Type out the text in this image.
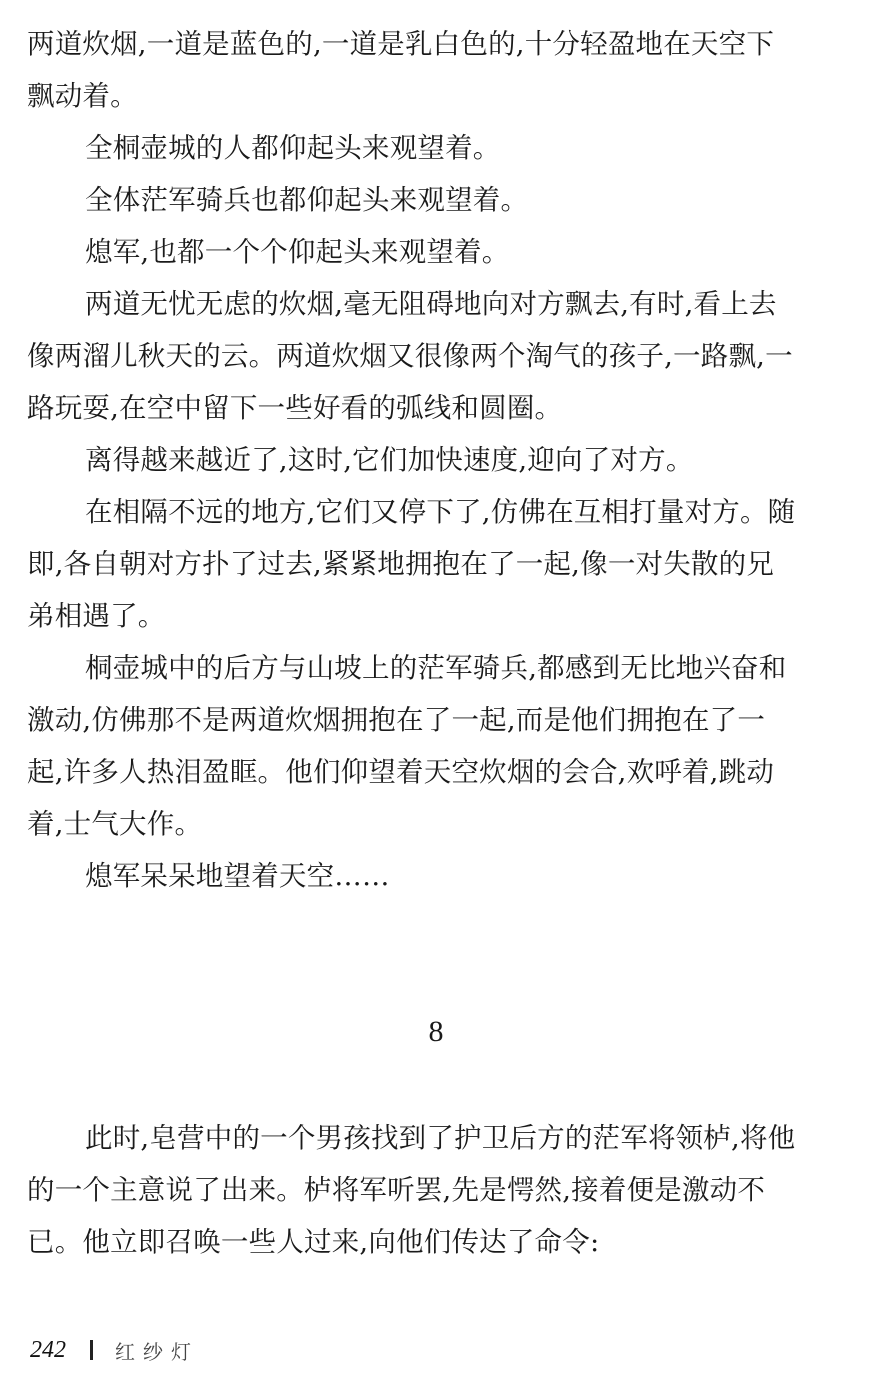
两道炊烟,一道是蓝色的,一道是乳白色的,十分轻盈地在天空下
飘动着。
全桐壶城的人都仰起头来观望着。
全体茫军骑兵也都仰起头来观望着。
熄军,也都一个个仰起头来观望着。
两道无忧无虑的炊烟,毫无阻碍地向对方飘去,有时,看上去
像两溜儿秋天的云。两道炊烟又很像两个淘气的孩子,一路飘,一
路玩耍,在空中留下一些好看的弧线和圆圈。
离得越来越近了,这时,它们加快速度,迎向了对方。
在相隔不远的地方,它们又停下了,仿佛在互相打量对方。随
即,各自朝对方扑了过去,紧紧地拥抱在了一起,像一对失散的兄
弟相遇了。
桐壶城中的后方与山坡上的茫军骑兵,都感到无比地兴奋和
激动,仿佛那不是两道炊烟拥抱在了一起,而是他们拥抱在了一
起,许多人热泪盈眶。他们仰望着天空炊烟的会合,欢呼着,跳动
着,士气大作。
熄军呆呆地望着天空……
此时,皂营中的一个男孩找到了护卫后方的茫军将领栌,将他
的一个主意说了出来。栌将军听罢,先是愕然,接着便是激动不
已。他立即召唤一些人过来,向他们传达了命令:
8
242 红纱灯
